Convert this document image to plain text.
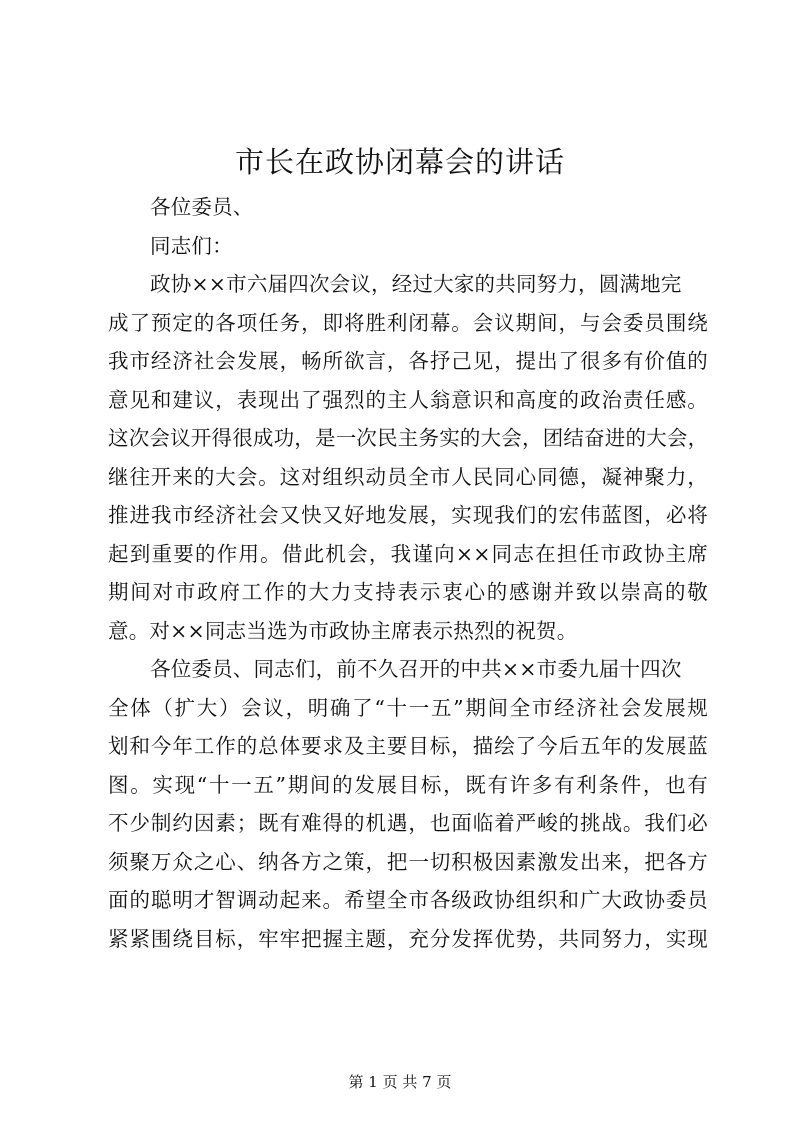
市长在政协闭幕会的讲话
各位委员、
同志们：
政协××市六届四次会议，经过大家的共同努力，圆满地完
成了预定的各项任务，即将胜利闭幕。会议期间，与会委员围绕
我市经济社会发展，畅所欲言，各抒己见，提出了很多有价值的
意见和建议，表现出了强烈的主人翁意识和高度的政治责任感。
这次会议开得很成功，是一次民主务实的大会，团结奋进的大会，
继往开来的大会。这对组织动员全市人民同心同德，凝神聚力，
推进我市经济社会又快又好地发展，实现我们的宏伟蓝图，必将
起到重要的作用。借此机会，我谨向××同志在担任市政协主席
期间对市政府工作的大力支持表示衷心的感谢并致以崇高的敬
意。对××同志当选为市政协主席表示热烈的祝贺。
各位委员、同志们，前不久召开的中共××市委九届十四次
全体（扩大）会议，明确了“十一五”期间全市经济社会发展规
划和今年工作的总体要求及主要目标，描绘了今后五年的发展蓝
图。实现“十一五”期间的发展目标，既有许多有利条件，也有
不少制约因素；既有难得的机遇，也面临着严峻的挑战。我们必
须聚万众之心、纳各方之策，把一切积极因素激发出来，把各方
面的聪明才智调动起来。希望全市各级政协组织和广大政协委员
紧紧围绕目标，牢牢把握主题，充分发挥优势，共同努力，实现
第 1 页 共 7 页
